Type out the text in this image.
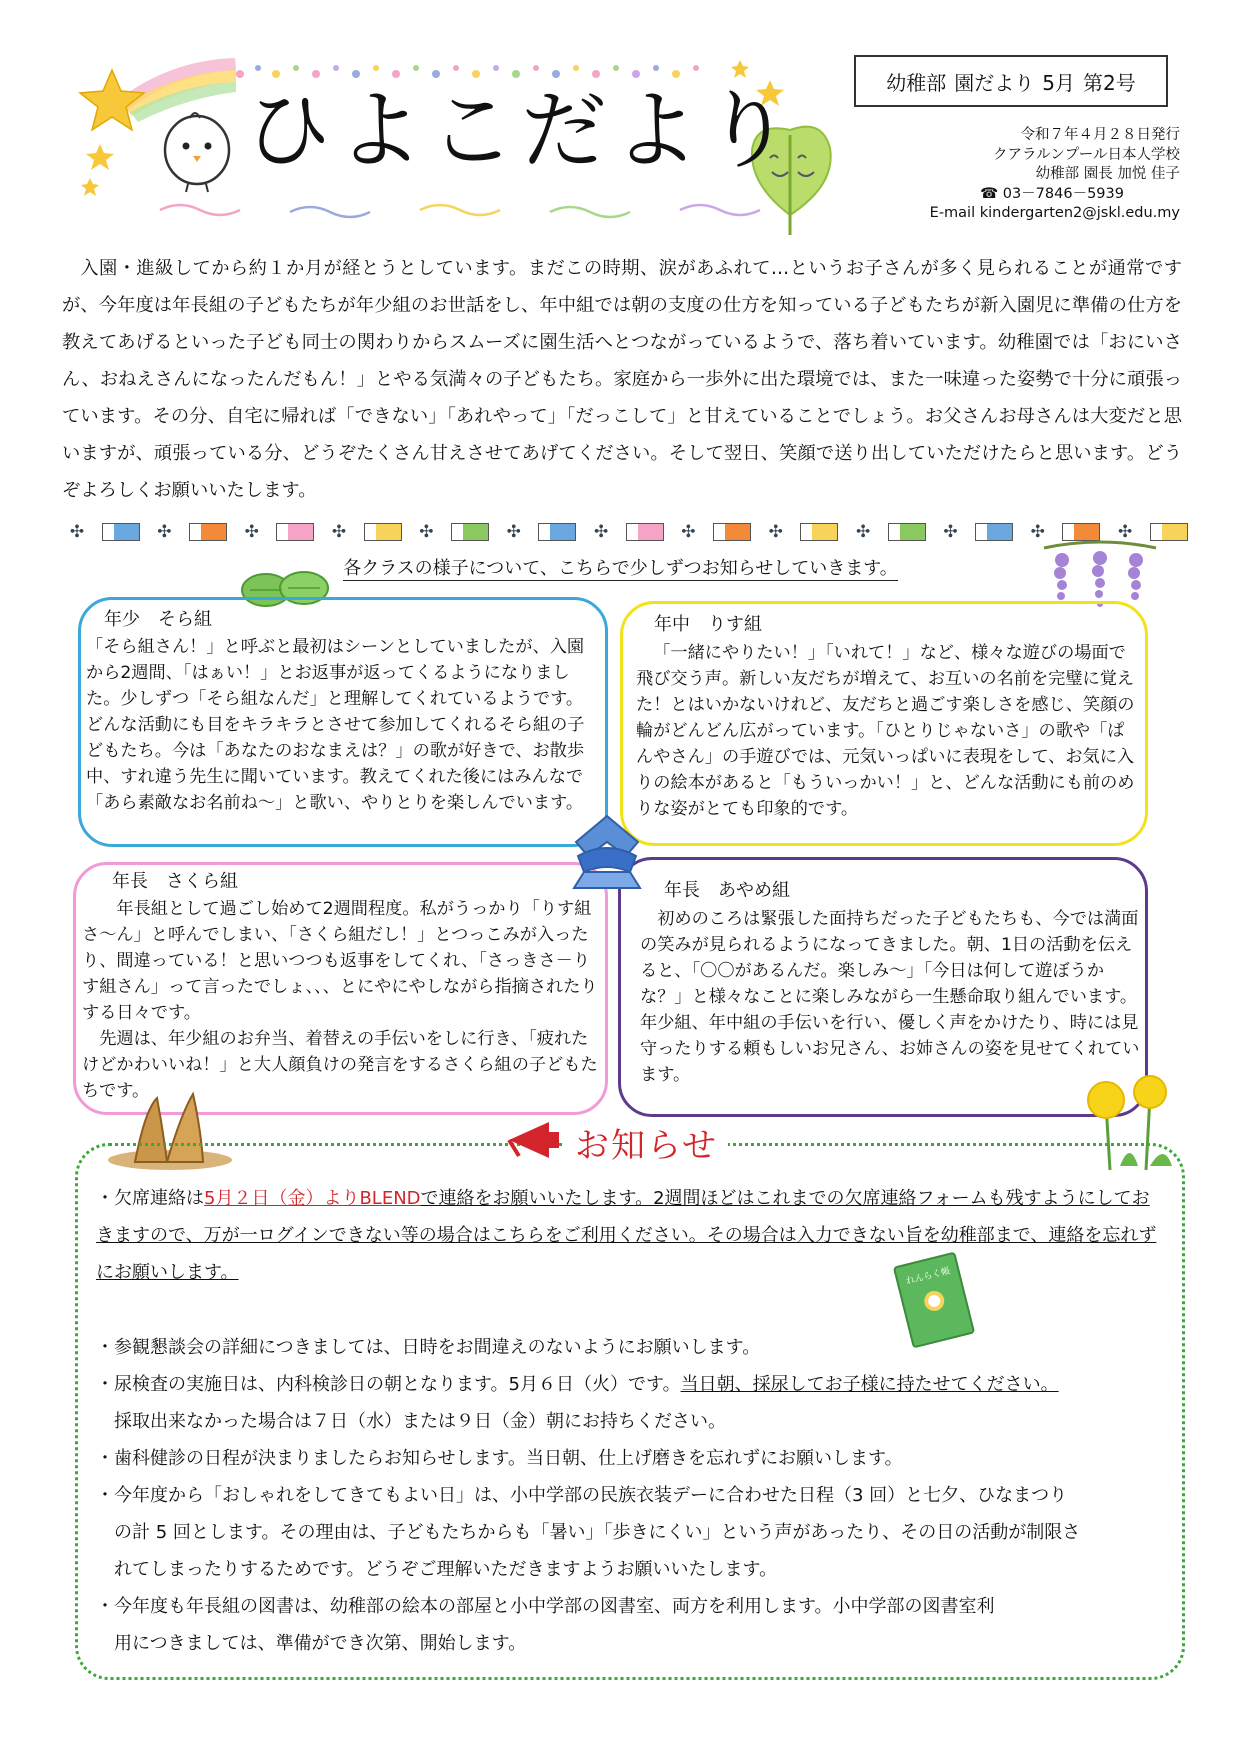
ひよこだより	幼稚部 園だより 5月 第2号
令和７年４月２８日発行
クアラルンプール日本人学校
幼稚部 園長 加悦 佳子
☎ 03－7846－5939
E-mail kindergarten2@jskl.edu.my
入園・進級してから約１か月が経とうとしています。まだこの時期、涙があふれて…というお子さんが多く見られることが通常ですが、今年度は年長組の子どもたちが年少組のお世話をし、年中組では朝の支度の仕方を知っている子どもたちが新入園児に準備の仕方を教えてあげるといった子ども同士の関わりからスムーズに園生活へとつながっているようで、落ち着いています。幼稚園では「おにいさん、おねえさんになったんだもん！」とやる気満々の子どもたち。家庭から一歩外に出た環境では、また一味違った姿勢で十分に頑張っています。その分、自宅に帰れば「できない」「あれやって」「だっこして」と甘えていることでしょう。お父さんお母さんは大変だと思いますが、頑張っている分、どうぞたくさん甘えさせてあげてください。そして翌日、笑顔で送り出していただけたらと思います。どうぞよろしくお願いいたします。
✣	✣	✣	✣	✣	✣	✣	✣	✣	✣	✣	✣	✣
各クラスの様子について、こちらで少しずつお知らせしていきます。
年少　そら組
「そら組さん！」と呼ぶと最初はシーンとしていましたが、入園から2週間、「はぁい！」とお返事が返ってくるようになりました。少しずつ「そら組なんだ」と理解してくれているようです。どんな活動にも目をキラキラとさせて参加してくれるそら組の子どもたち。今は「あなたのおなまえは？」の歌が好きで、お散歩中、すれ違う先生に聞いています。教えてくれた後にはみんなで「あら素敵なお名前ね～」と歌い、やりとりを楽しんでいます。
年中　りす組
「一緒にやりたい！」「いれて！」など、様々な遊びの場面で飛び交う声。新しい友だちが増えて、お互いの名前を完璧に覚えた！とはいかないけれど、友だちと過ごす楽しさを感じ、笑顔の輪がどんどん広がっています。「ひとりじゃないさ」の歌や「ぱんやさん」の手遊びでは、元気いっぱいに表現をして、お気に入りの絵本があると「もういっかい！」と、どんな活動にも前のめりな姿がとても印象的です。
年長　さくら組
年長組として過ごし始めて2週間程度。私がうっかり「りす組さ～ん」と呼んでしまい、「さくら組だし！」とつっこみが入ったり、間違っている！と思いつつも返事をしてくれ、「さっきさ－りす組さん」って言ったでしょ、、、とにやにやしながら指摘されたりする日々です。
先週は、年少組のお弁当、着替えの手伝いをしに行き、「疲れたけどかわいいね！」と大人顔負けの発言をするさくら組の子どもたちです。
年長　あやめ組
初めのころは緊張した面持ちだった子どもたちも、今では満面の笑みが見られるようになってきました。朝、1日の活動を伝えると、「〇〇があるんだ。楽しみ～」「今日は何して遊ぼうかな？」と様々なことに楽しみながら一生懸命取り組んでいます。年少組、年中組の手伝いを行い、優しく声をかけたり、時には見守ったりする頼もしいお兄さん、お姉さんの姿を見せてくれています。
お知らせ

・欠席連絡は5月２日（金）よりBLENDで連絡をお願いいたします。2週間ほどはこれまでの欠席連絡フォームも残すようにしておきますので、万が一ログインできない等の場合はこちらをご利用ください。その場合は入力できない旨を幼稚部まで、連絡を忘れずにお願いします。

・参観懇談会の詳細につきましては、日時をお間違えのないようにお願いします。

・尿検査の実施日は、内科検診日の朝となります。5月６日（火）です。当日朝、採尿してお子様に持たせてください。

採取出来なかった場合は７日（水）または９日（金）朝にお持ちください。

・歯科健診の日程が決まりましたらお知らせします。当日朝、仕上げ磨きを忘れずにお願いします。

・今年度から「おしゃれをしてきてもよい日」は、小中学部の民族衣装デーに合わせた日程（3 回）と七夕、ひなまつり

の計 5 回とします。その理由は、子どもたちからも「暑い」「歩きにくい」という声があったり、その日の活動が制限さ

れてしまったりするためです。どうぞご理解いただきますようお願いいたします。

・今年度も年長組の図書は、幼稚部の絵本の部屋と小中学部の図書室、両方を利用します。小中学部の図書室利

用につきましては、準備ができ次第、開始します。

れんらく帳
